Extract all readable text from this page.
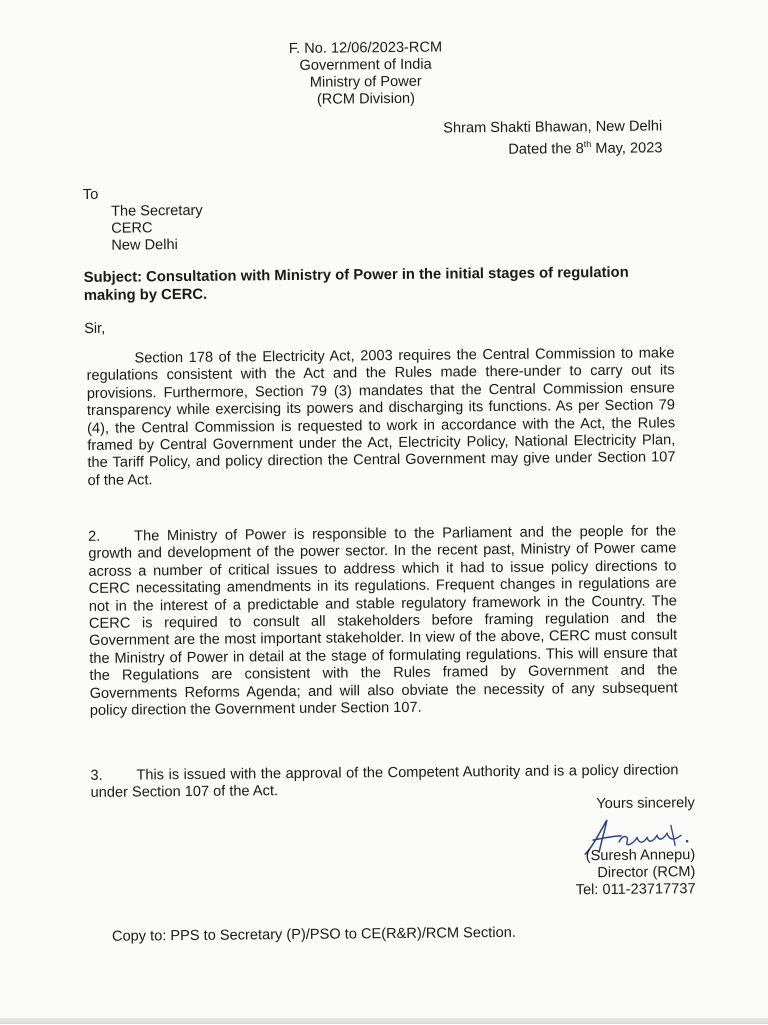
F. No. 12/06/2023-RCM
Government of India
Ministry of Power
(RCM Division)
Shram Shakti Bhawan, New Delhi
Dated the 8th May, 2023
To
The Secretary
CERC
New Delhi
Subject: Consultation with Ministry of Power in the initial stages of regulation making by CERC.
Sir,
Section 178 of the Electricity Act, 2003 requires the Central Commission to make regulations consistent with the Act and the Rules made there-under to carry out its provisions. Furthermore, Section 79 (3) mandates that the Central Commission ensure transparency while exercising its powers and discharging its functions. As per Section 79 (4), the Central Commission is requested to work in accordance with the Act, the Rules framed by Central Government under the Act, Electricity Policy, National Electricity Plan, the Tariff Policy, and policy direction the Central Government may give under Section 107 of the Act.
2. The Ministry of Power is responsible to the Parliament and the people for the growth and development of the power sector. In the recent past, Ministry of Power came across a number of critical issues to address which it had to issue policy directions to CERC necessitating amendments in its regulations. Frequent changes in regulations are not in the interest of a predictable and stable regulatory framework in the Country. The CERC is required to consult all stakeholders before framing regulation and the Government are the most important stakeholder. In view of the above, CERC must consult the Ministry of Power in detail at the stage of formulating regulations. This will ensure that the Regulations are consistent with the Rules framed by Government and the Governments Reforms Agenda; and will also obviate the necessity of any subsequent policy direction the Government under Section 107.
3. This is issued with the approval of the Competent Authority and is a policy direction under Section 107 of the Act.
Yours sincerely
(Suresh Annepu)
Director (RCM)
Tel: 011-23717737
Copy to: PPS to Secretary (P)/PSO to CE(R&R)/RCM Section.
